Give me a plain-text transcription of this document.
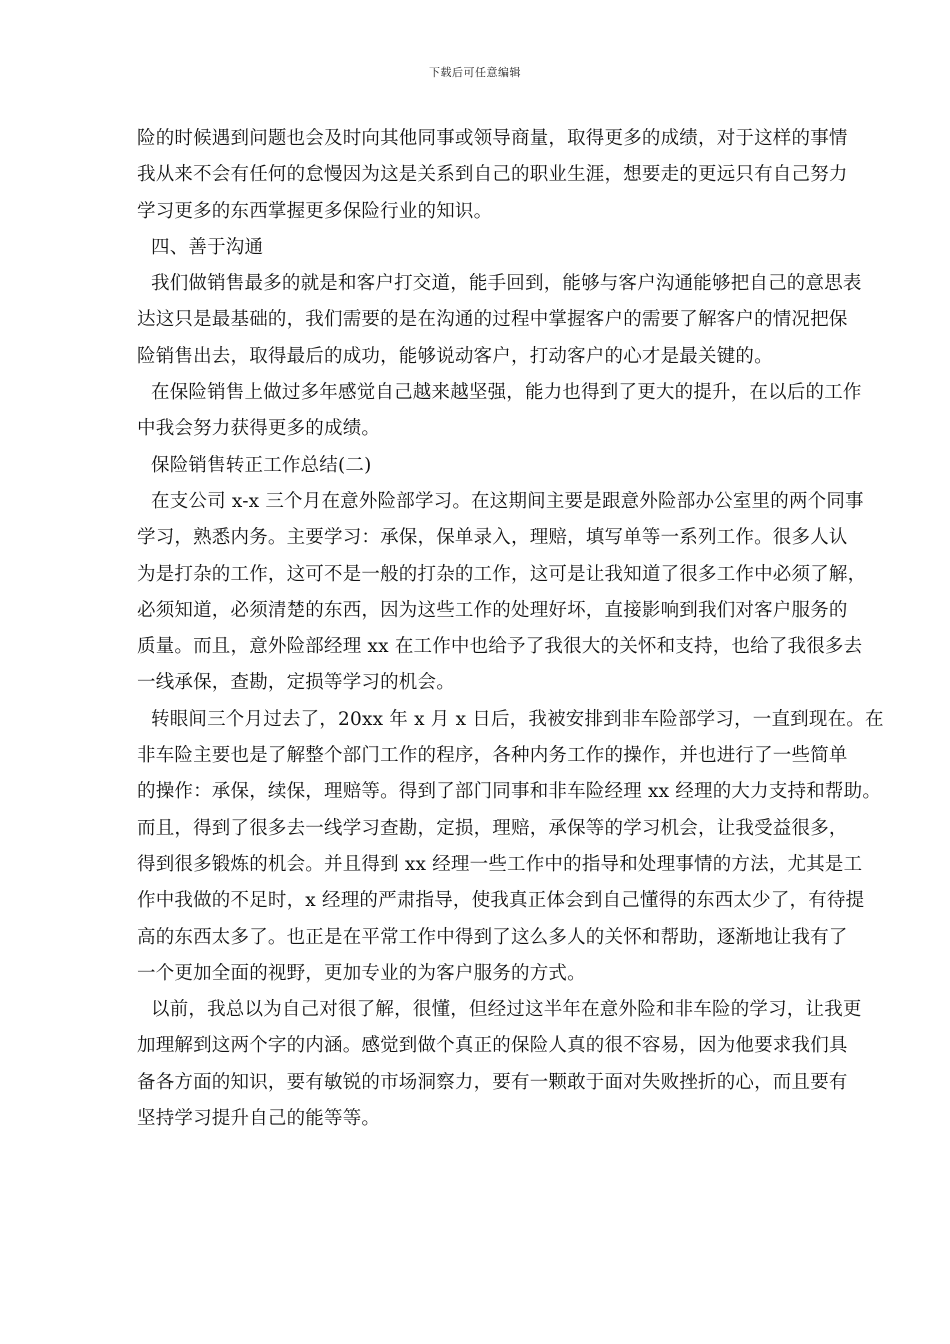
下载后可任意编辑
险的时候遇到问题也会及时向其他同事或领导商量，取得更多的成绩，对于这样的事情
我从来不会有任何的怠慢因为这是关系到自己的职业生涯，想要走的更远只有自己努力
学习更多的东西掌握更多保险行业的知识。
四、善于沟通
我们做销售最多的就是和客户打交道，能手回到，能够与客户沟通能够把自己的意思表
达这只是最基础的，我们需要的是在沟通的过程中掌握客户的需要了解客户的情况把保
险销售出去，取得最后的成功，能够说动客户，打动客户的心才是最关键的。
在保险销售上做过多年感觉自己越来越坚强，能力也得到了更大的提升，在以后的工作
中我会努力获得更多的成绩。
保险销售转正工作总结(二)
在支公司 x-x 三个月在意外险部学习。在这期间主要是跟意外险部办公室里的两个同事
学习，熟悉内务。主要学习：承保，保单录入，理赔，填写单等一系列工作。很多人认
为是打杂的工作，这可不是一般的打杂的工作，这可是让我知道了很多工作中必须了解，
必须知道，必须清楚的东西，因为这些工作的处理好坏，直接影响到我们对客户服务的
质量。而且，意外险部经理 xx 在工作中也给予了我很大的关怀和支持，也给了我很多去
一线承保，查勘，定损等学习的机会。
转眼间三个月过去了，20xx 年 x 月 x 日后，我被安排到非车险部学习，一直到现在。在
非车险主要也是了解整个部门工作的程序，各种内务工作的操作，并也进行了一些简单
的操作：承保，续保，理赔等。得到了部门同事和非车险经理 xx 经理的大力支持和帮助。
而且，得到了很多去一线学习查勘，定损，理赔，承保等的学习机会，让我受益很多，
得到很多锻炼的机会。并且得到 xx 经理一些工作中的指导和处理事情的方法，尤其是工
作中我做的不足时，x 经理的严肃指导，使我真正体会到自己懂得的东西太少了，有待提
高的东西太多了。也正是在平常工作中得到了这么多人的关怀和帮助，逐渐地让我有了
一个更加全面的视野，更加专业的为客户服务的方式。
以前，我总以为自己对很了解，很懂，但经过这半年在意外险和非车险的学习，让我更
加理解到这两个字的内涵。感觉到做个真正的保险人真的很不容易，因为他要求我们具
备各方面的知识，要有敏锐的市场洞察力，要有一颗敢于面对失败挫折的心，而且要有
坚持学习提升自己的能等等。
